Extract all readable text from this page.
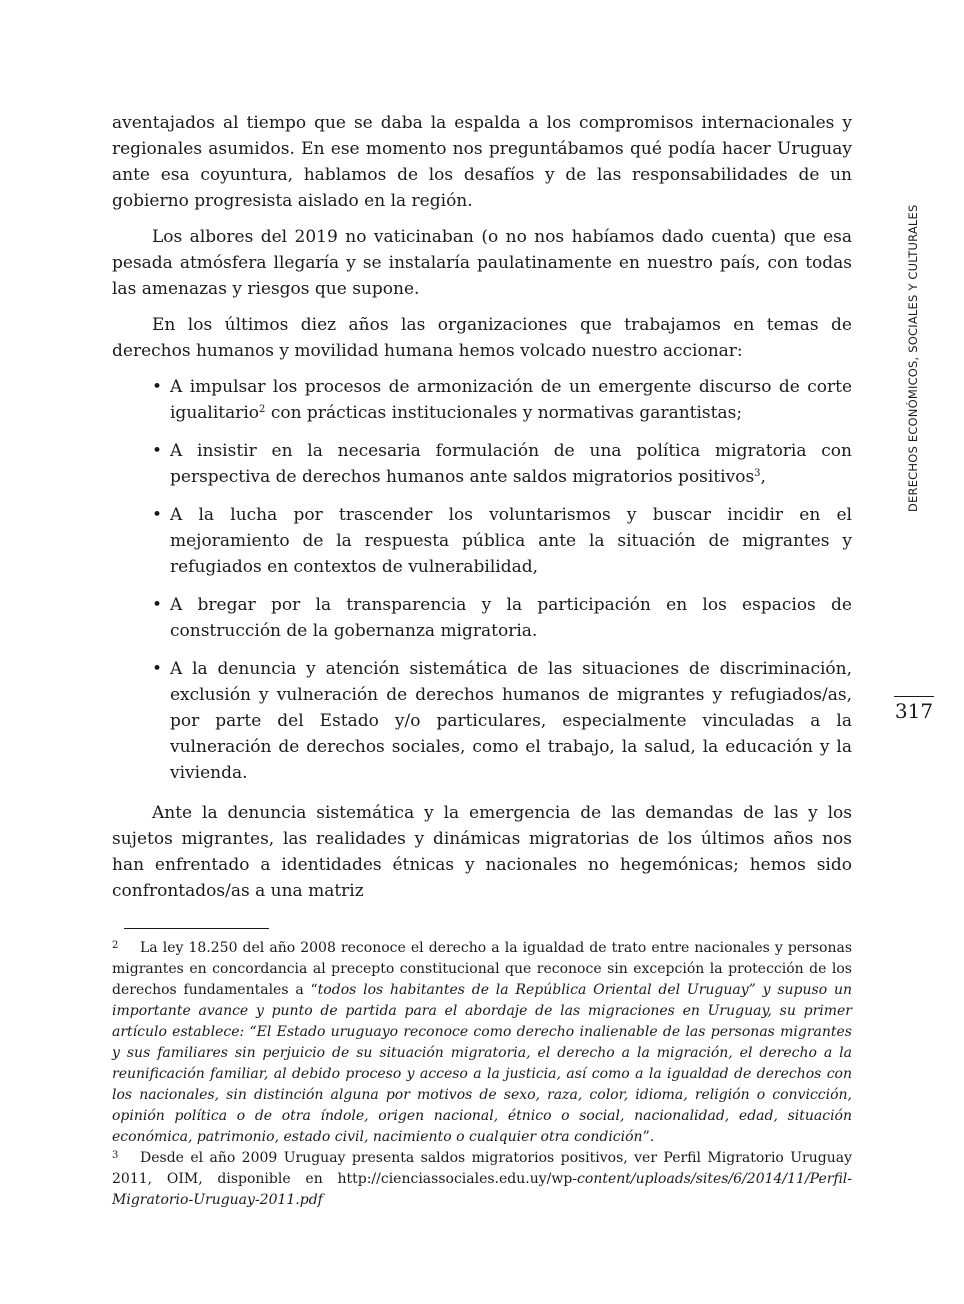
aventajados al tiempo que se daba la espalda a los compromisos internacionales y regionales asumidos. En ese momento nos preguntábamos qué podía hacer Uruguay ante esa coyuntura, hablamos de los desafíos y de las responsabilidades de un gobierno progresista aislado en la región.

Los albores del 2019 no vaticinaban (o no nos habíamos dado cuenta) que esa pesada atmósfera llegaría y se instalaría paulatinamente en nuestro país, con todas las amenazas y riesgos que supone.

En los últimos diez años las organizaciones que trabajamos en temas de derechos humanos y movilidad humana hemos volcado nuestro accionar:

• A impulsar los procesos de armonización de un emergente discurso de corte igualitario$^2$ con prácticas institucionales y normativas garantistas;
• A insistir en la necesaria formulación de una política migratoria con perspectiva de derechos humanos ante saldos migratorios positivos$^3$,
• A la lucha por trascender los voluntarismos y buscar incidir en el mejoramiento de la respuesta pública ante la situación de migrantes y refugiados en contextos de vulnerabilidad,
• A bregar por la transparencia y la participación en los espacios de construcción de la gobernanza migratoria.
• A la denuncia y atención sistemática de las situaciones de discriminación, exclusión y vulneración de derechos humanos de migrantes y refugiados/as, por parte del Estado y/o particulares, especialmente vinculadas a la vulneración de derechos sociales, como el trabajo, la salud, la educación y la vivienda.

Ante la denuncia sistemática y la emergencia de las demandas de las y los sujetos migrantes, las realidades y dinámicas migratorias de los últimos años nos han enfrentado a identidades étnicas y nacionales no hegemónicas; hemos sido confrontados/as a una matriz

DERECHOS ECONÓMICOS, SOCIALES Y CULTURALES
317

2 La ley 18.250 del año 2008 reconoce el derecho a la igualdad de trato entre nacionales y personas migrantes en concordancia al precepto constitucional que reconoce sin excepción la protección de los derechos fundamentales a “todos los habitantes de la República Oriental del Uruguay” y supuso un importante avance y punto de partida para el abordaje de las migraciones en Uruguay, su primer artículo establece: “El Estado uruguayo reconoce como derecho inalienable de las personas migrantes y sus familiares sin perjuicio de su situación migratoria, el derecho a la migración, el derecho a la reunificación familiar, al debido proceso y acceso a la justicia, así como a la igualdad de derechos con los nacionales, sin distinción alguna por motivos de sexo, raza, color, idioma, religión o convicción, opinión política o de otra índole, origen nacional, étnico o social, nacionalidad, edad, situación económica, patrimonio, estado civil, nacimiento o cualquier otra condición”.

3 Desde el año 2009 Uruguay presenta saldos migratorios positivos, ver Perfil Migratorio Uruguay 2011, OIM, disponible en http://cienciassociales.edu.uy/wp-content/uploads/sites/6/2014/11/Perfil-Migratorio-Uruguay-2011.pdf
